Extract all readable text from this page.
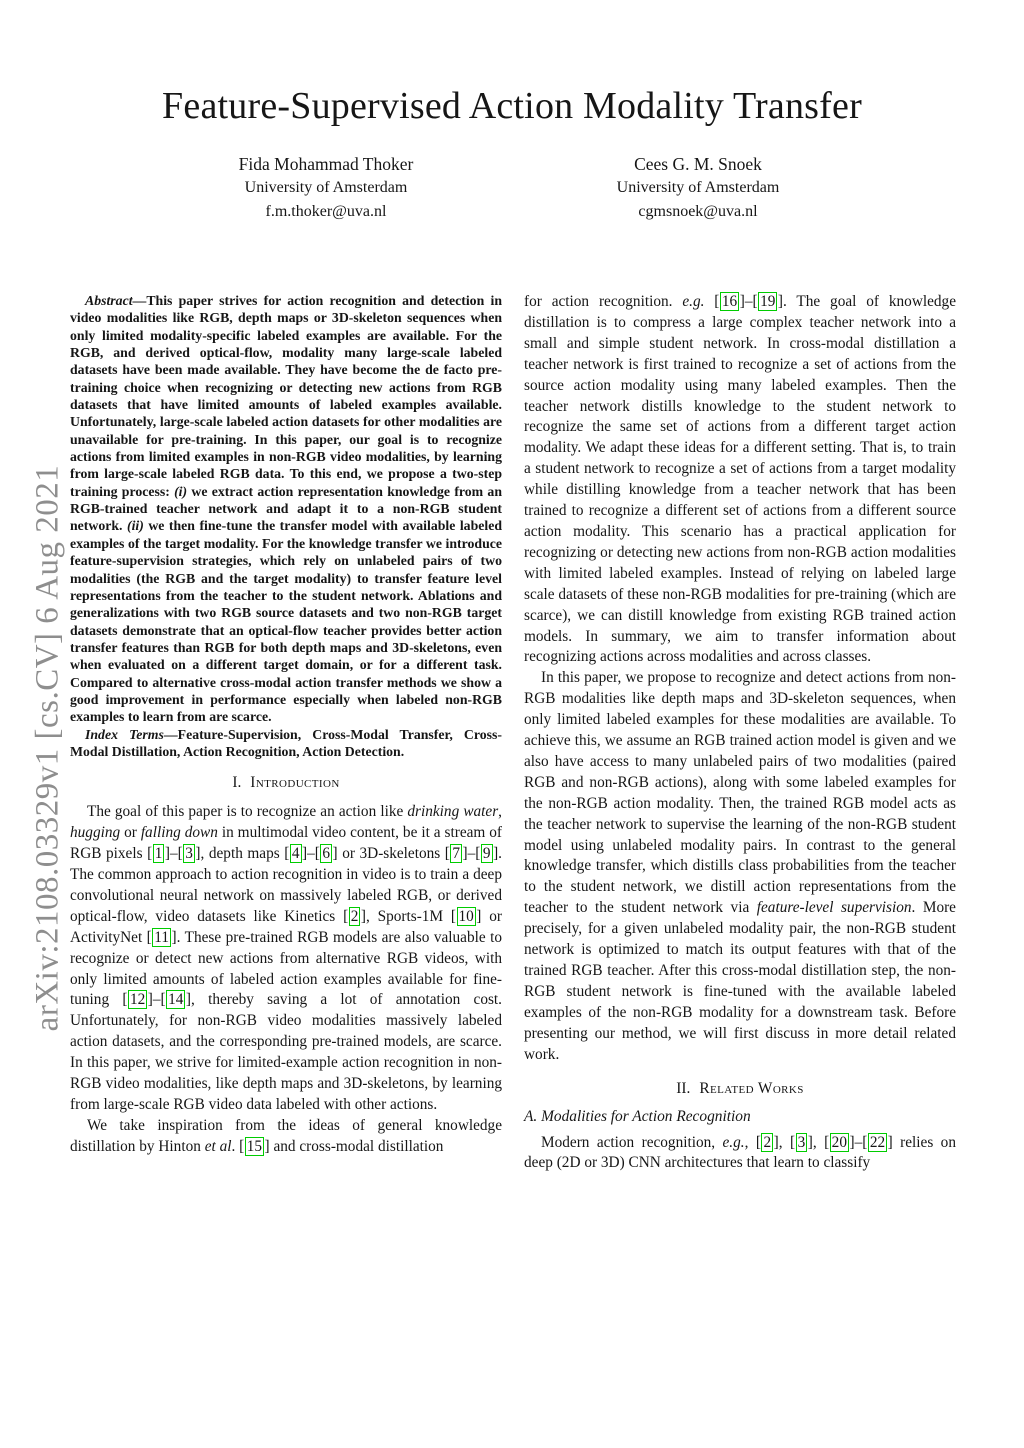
arXiv:2108.03329v1 [cs.CV] 6 Aug 2021
Feature-Supervised Action Modality Transfer
Fida Mohammad Thoker
University of Amsterdam
f.m.thoker@uva.nl
Cees G. M. Snoek
University of Amsterdam
cgmsnoek@uva.nl

Abstract—This paper strives for action recognition and detection in video modalities like RGB, depth maps or 3D-skeleton sequences when only limited modality-specific labeled examples are available. For the RGB, and derived optical-flow, modality many large-scale labeled datasets have been made available. They have become the de facto pre-training choice when recognizing or detecting new actions from RGB datasets that have limited amounts of labeled examples available. Unfortunately, large-scale labeled action datasets for other modalities are unavailable for pre-training. In this paper, our goal is to recognize actions from limited examples in non-RGB video modalities, by learning from large-scale labeled RGB data. To this end, we propose a two-step training process: (i) we extract action representation knowledge from an RGB-trained teacher network and adapt it to a non-RGB student network. (ii) we then fine-tune the transfer model with available labeled examples of the target modality. For the knowledge transfer we introduce feature-supervision strategies, which rely on unlabeled pairs of two modalities (the RGB and the target modality) to transfer feature level representations from the teacher to the student network. Ablations and generalizations with two RGB source datasets and two non-RGB target datasets demonstrate that an optical-flow teacher provides better action transfer features than RGB for both depth maps and 3D-skeletons, even when evaluated on a different target domain, or for a different task. Compared to alternative cross-modal action transfer methods we show a good improvement in performance especially when labeled non-RGB examples to learn from are scarce.

Index Terms—Feature-Supervision, Cross-Modal Transfer, Cross-Modal Distillation, Action Recognition, Action Detection.

I. Introduction

The goal of this paper is to recognize an action like drinking water, hugging or falling down in multimodal video content, be it a stream of RGB pixels [ 1 ]–[ 3 ], depth maps [ 4 ]–[ 6 ] or 3D-skeletons [ 7 ]–[ 9 ]. The common approach to action recognition in video is to train a deep convolutional neural network on massively labeled RGB, or derived optical-flow, video datasets like Kinetics [ 2 ], Sports-1M [ 10 ] or ActivityNet [ 11 ]. These pre-trained RGB models are also valuable to recognize or detect new actions from alternative RGB videos, with only limited amounts of labeled action examples available for fine-tuning [ 12 ]–[ 14 ], thereby saving a lot of annotation cost. Unfortunately, for non-RGB video modalities massively labeled action datasets, and the corresponding pre-trained models, are scarce. In this paper, we strive for limited-example action recognition in non-RGB video modalities, like depth maps and 3D-skeletons, by learning from large-scale RGB video data labeled with other actions.

We take inspiration from the ideas of general knowledge distillation by Hinton et al. [ 15 ] and cross-modal distillation

for action recognition. e.g. [ 16 ]–[ 19 ]. The goal of knowledge distillation is to compress a large complex teacher network into a small and simple student network. In cross-modal distillation a teacher network is first trained to recognize a set of actions from the source action modality using many labeled examples. Then the teacher network distills knowledge to the student network to recognize the same set of actions from a different target action modality. We adapt these ideas for a different setting. That is, to train a student network to recognize a set of actions from a target modality while distilling knowledge from a teacher network that has been trained to recognize a different set of actions from a different source action modality. This scenario has a practical application for recognizing or detecting new actions from non-RGB action modalities with limited labeled examples. Instead of relying on labeled large scale datasets of these non-RGB modalities for pre-training (which are scarce), we can distill knowledge from existing RGB trained action models. In summary, we aim to transfer information about recognizing actions across modalities and across classes.

In this paper, we propose to recognize and detect actions from non-RGB modalities like depth maps and 3D-skeleton sequences, when only limited labeled examples for these modalities are available. To achieve this, we assume an RGB trained action model is given and we also have access to many unlabeled pairs of two modalities (paired RGB and non-RGB actions), along with some labeled examples for the non-RGB action modality. Then, the trained RGB model acts as the teacher network to supervise the learning of the non-RGB student model using unlabeled modality pairs. In contrast to the general knowledge transfer, which distills class probabilities from the teacher to the student network, we distill action representations from the teacher to the student network via feature-level supervision. More precisely, for a given unlabeled modality pair, the non-RGB student network is optimized to match its output features with that of the trained RGB teacher. After this cross-modal distillation step, the non-RGB student network is fine-tuned with the available labeled examples of the non-RGB modality for a downstream task. Before presenting our method, we will first discuss in more detail related work.

II. Related Works
A. Modalities for Action Recognition

Modern action recognition, e.g., [ 2 ], [ 3 ], [ 20 ]–[ 22 ] relies on deep (2D or 3D) CNN architectures that learn to classify
